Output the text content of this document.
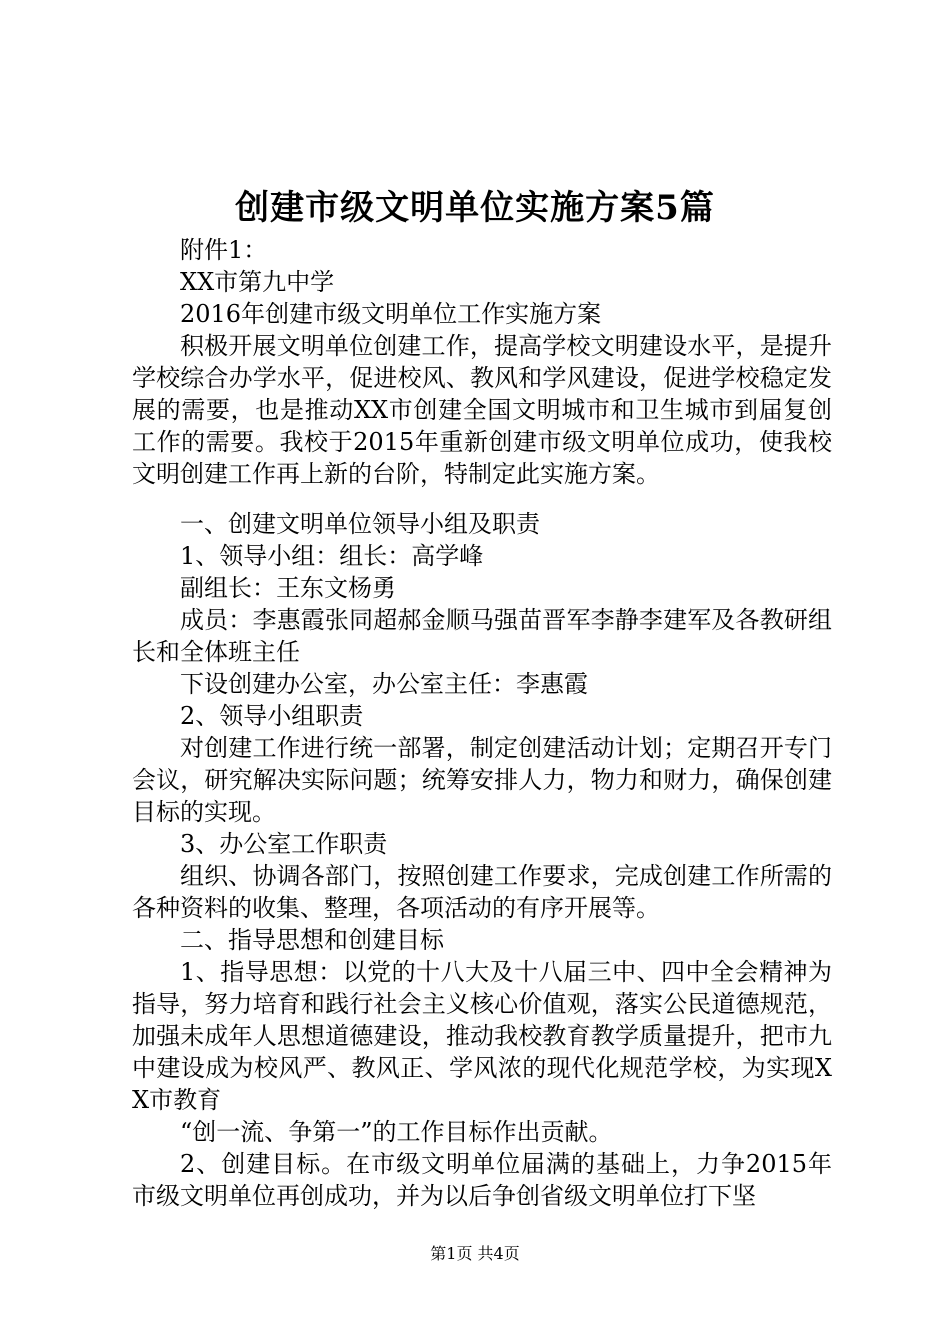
创建市级文明单位实施方案5篇

附件1：

XX市第九中学

2016年创建市级文明单位工作实施方案

积极开展文明单位创建工作，提高学校文明建设水平，是提升学校综合办学水平，促进校风、教风和学风建设，促进学校稳定发展的需要，也是推动XX市创建全国文明城市和卫生城市到届复创工作的需要。我校于2015年重新创建市级文明单位成功，使我校文明创建工作再上新的台阶，特制定此实施方案。

一、创建文明单位领导小组及职责

1、领导小组：组长：高学峰

副组长：王东文杨勇

成员：李惠霞张同超郝金顺马强苗晋军李静李建军及各教研组长和全体班主任

下设创建办公室，办公室主任：李惠霞

2、领导小组职责

对创建工作进行统一部署，制定创建活动计划；定期召开专门会议，研究解决实际问题；统筹安排人力，物力和财力，确保创建目标的实现。

3、办公室工作职责

组织、协调各部门，按照创建工作要求，完成创建工作所需的各种资料的收集、整理，各项活动的有序开展等。

二、指导思想和创建目标

1、指导思想：以党的十八大及十八届三中、四中全会精神为指导，努力培育和践行社会主义核心价值观，落实公民道德规范，加强未成年人思想道德建设，推动我校教育教学质量提升，把市九中建设成为校风严、教风正、学风浓的现代化规范学校，为实现XX市教育

“创一流、争第一”的工作目标作出贡献。

2、创建目标。在市级文明单位届满的基础上，力争2015年市级文明单位再创成功，并为以后争创省级文明单位打下坚

第1页 共4页
